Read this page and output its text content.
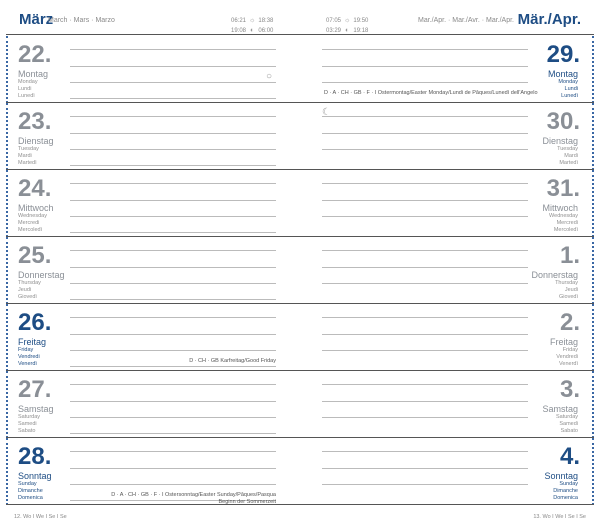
März
March · Mars · Marzo	06:21 ☼ 18:38
19:08 ◐ 06:00
07:05 ☼ 19:50
03:29 ◐ 19:18
Mar./Apr. · Mar./Avr. · Mar./Apr. Mär./Apr.
22.
Montag
Monday
Lundi
Lunedì
29.
Montag
Monday
Lundi
Lunedì
D · A · CH · GB · F · I Ostermontag/Easter Monday/Lundi de Pâques/Lunedì dell'Angelo
○
23.
Dienstag
Tuesday
Mardi
Martedì
30.
Dienstag
Tuesday
Mardi
Martedì
☾
24.
Mittwoch
Wednesday
Mercredi
Mercoledì
31.
Mittwoch
Wednesday
Mercredi
Mercoledì
25.
Donnerstag
Thursday
Jeudi
Giovedì
1.
Donnerstag
Thursday
Jeudi
Giovedì
26.
Freitag
Friday
Vendredi
Venerdì
2.
Freitag
Friday
Vendredi
Venerdì
D · CH · GB Karfreitag/Good Friday
27.
Samstag
Saturday
Samedi
Sabato
3.
Samstag
Saturday
Samedi
Sabato
28.
Sonntag
Sunday
Dimanche
Domenica
4.
Sonntag
Sunday
Dimanche
Domenica
D · A · CH · GB · F · I Ostersonntag/Easter Sunday/Pâques/Pasqua
Beginn der Sommerzeit
12. Wo I We I Se I Se	13. Wo I We I Se I Se
